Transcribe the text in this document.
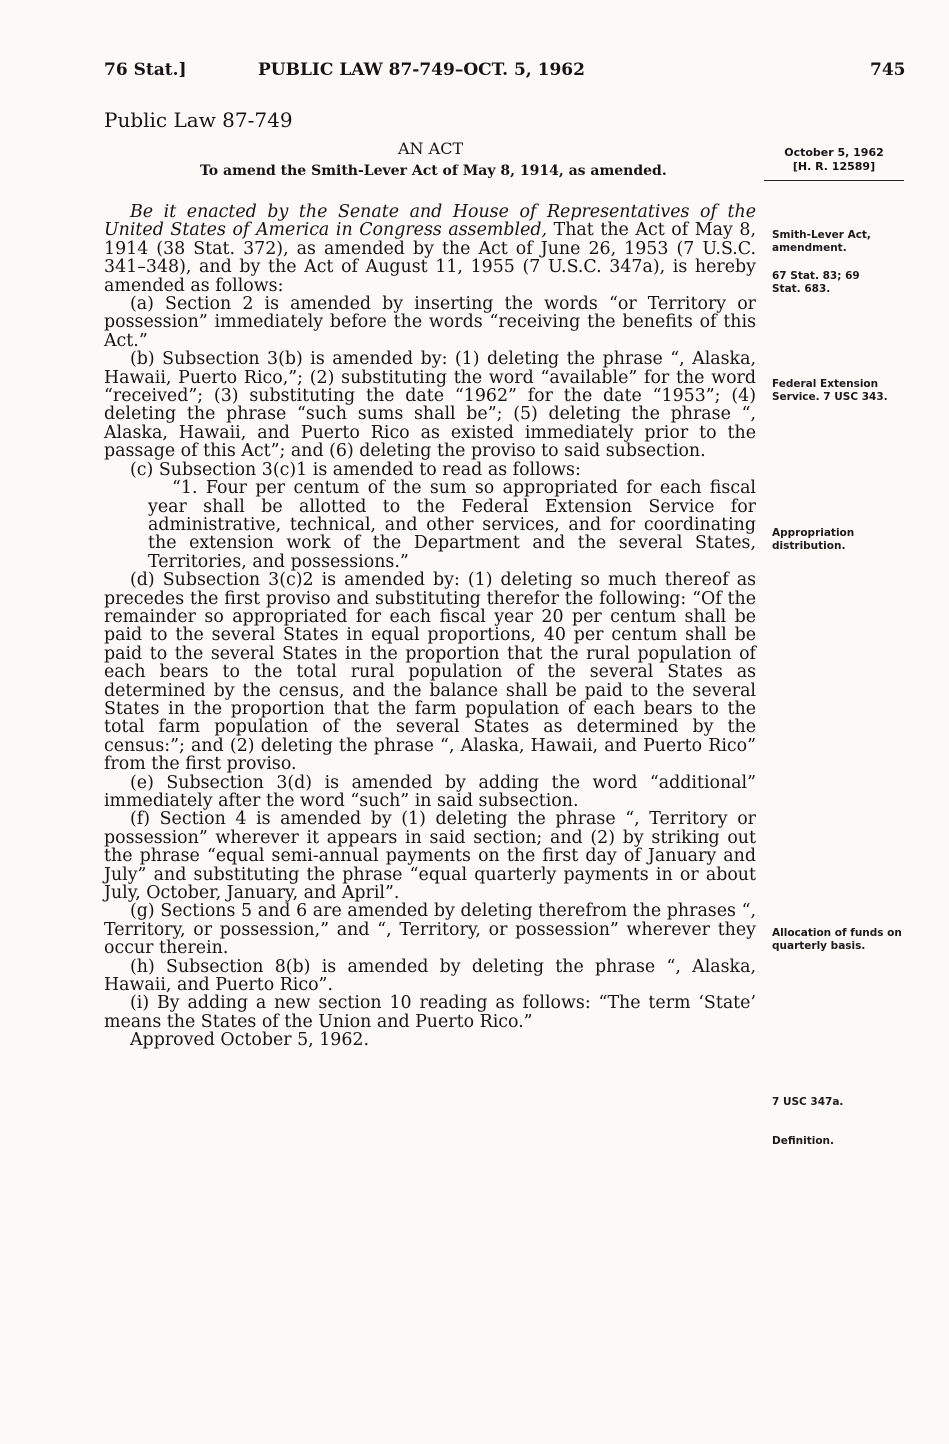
76 Stat.]	PUBLIC LAW 87-749–OCT. 5, 1962	745
Public Law 87-749
AN ACT
To amend the Smith-Lever Act of May 8, 1914, as amended.
October 5, 1962
[H. R. 12589]

Be it enacted by the Senate and House of Representatives of the United States of America in Congress assembled, That the Act of May 8, 1914 (38 Stat. 372), as amended by the Act of June 26, 1953 (7 U.S.C. 341–348), and by the Act of August 11, 1955 (7 U.S.C. 347a), is hereby amended as follows:

(a) Section 2 is amended by inserting the words “or Territory or possession” immediately before the words “receiving the benefits of this Act.”

(b) Subsection 3(b) is amended by: (1) deleting the phrase “, Alaska, Hawaii, Puerto Rico,”; (2) substituting the word “available” for the word “received”; (3) substituting the date “1962” for the date “1953”; (4) deleting the phrase “such sums shall be”; (5) deleting the phrase “, Alaska, Hawaii, and Puerto Rico as existed immediately prior to the passage of this Act”; and (6) deleting the proviso to said subsection.

(c) Subsection 3(c)1 is amended to read as follows:

“1. Four per centum of the sum so appropriated for each fiscal year shall be allotted to the Federal Extension Service for administrative, technical, and other services, and for coordinating the extension work of the Department and the several States, Territories, and possessions.”

(d) Subsection 3(c)2 is amended by: (1) deleting so much thereof as precedes the first proviso and substituting therefor the following: “Of the remainder so appropriated for each fiscal year 20 per centum shall be paid to the several States in equal proportions, 40 per centum shall be paid to the several States in the proportion that the rural population of each bears to the total rural population of the several States as determined by the census, and the balance shall be paid to the several States in the proportion that the farm population of each bears to the total farm population of the several States as determined by the census:”; and (2) deleting the phrase “, Alaska, Hawaii, and Puerto Rico” from the first proviso.

(e) Subsection 3(d) is amended by adding the word “additional” immediately after the word “such” in said subsection.

(f) Section 4 is amended by (1) deleting the phrase “, Territory or possession” wherever it appears in said section; and (2) by striking out the phrase “equal semi-annual payments on the first day of January and July” and substituting the phrase “equal quarterly payments in or about July, October, January, and April”.

(g) Sections 5 and 6 are amended by deleting therefrom the phrases “, Territory, or possession,” and “, Territory, or possession” wherever they occur therein.

(h) Subsection 8(b) is amended by deleting the phrase “, Alaska, Hawaii, and Puerto Rico”.

(i) By adding a new section 10 reading as follows: “The term ‘State’ means the States of the Union and Puerto Rico.”

Approved October 5, 1962.

Smith-Lever Act, amendment.
67 Stat. 83; 69 Stat. 683.
Federal Extension Service. 7 USC 343.
Appropriation distribution.
Allocation of funds on quarterly basis.
7 USC 347a.
Definition.
